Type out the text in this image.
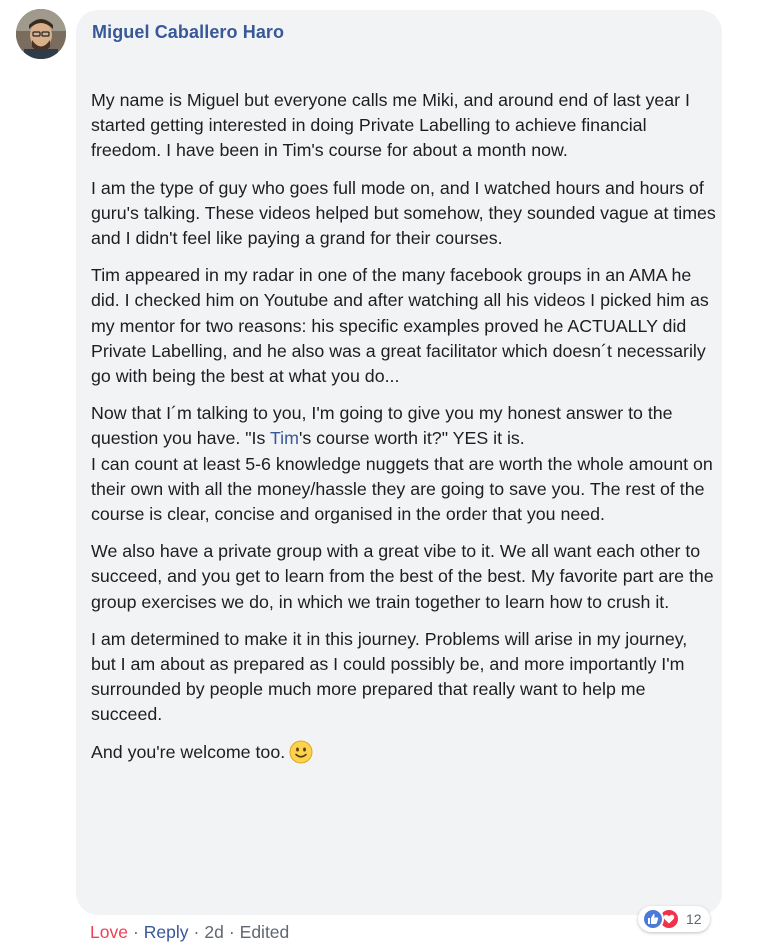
Miguel Caballero Haro

My name is Miguel but everyone calls me Miki, and around end of last year I started getting interested in doing Private Labelling to achieve financial freedom. I have been in Tim's course for about a month now.

I am the type of guy who goes full mode on, and I watched hours and hours of guru's talking. These videos helped but somehow, they sounded vague at times and I didn't feel like paying a grand for their courses.

Tim appeared in my radar in one of the many facebook groups in an AMA he did. I checked him on Youtube and after watching all his videos I picked him as my mentor for two reasons: his specific examples proved he ACTUALLY did Private Labelling, and he also was a great facilitator which doesn´t necessarily go with being the best at what you do...

Now that I´m talking to you, I'm going to give you my honest answer to the question you have. "Is Tim's course worth it?" YES it is.
I can count at least 5-6 knowledge nuggets that are worth the whole amount on their own with all the money/hassle they are going to save you. The rest of the course is clear, concise and organised in the order that you need.

We also have a private group with a great vibe to it. We all want each other to succeed, and you get to learn from the best of the best. My favorite part are the group exercises we do, in which we train together to learn how to crush it.

I am determined to make it in this journey. Problems will arise in my journey, but I am about as prepared as I could possibly be, and more importantly I'm surrounded by people much more prepared that really want to help me succeed.

And you're welcome too.

12
Love · Reply · 2d · Edited
